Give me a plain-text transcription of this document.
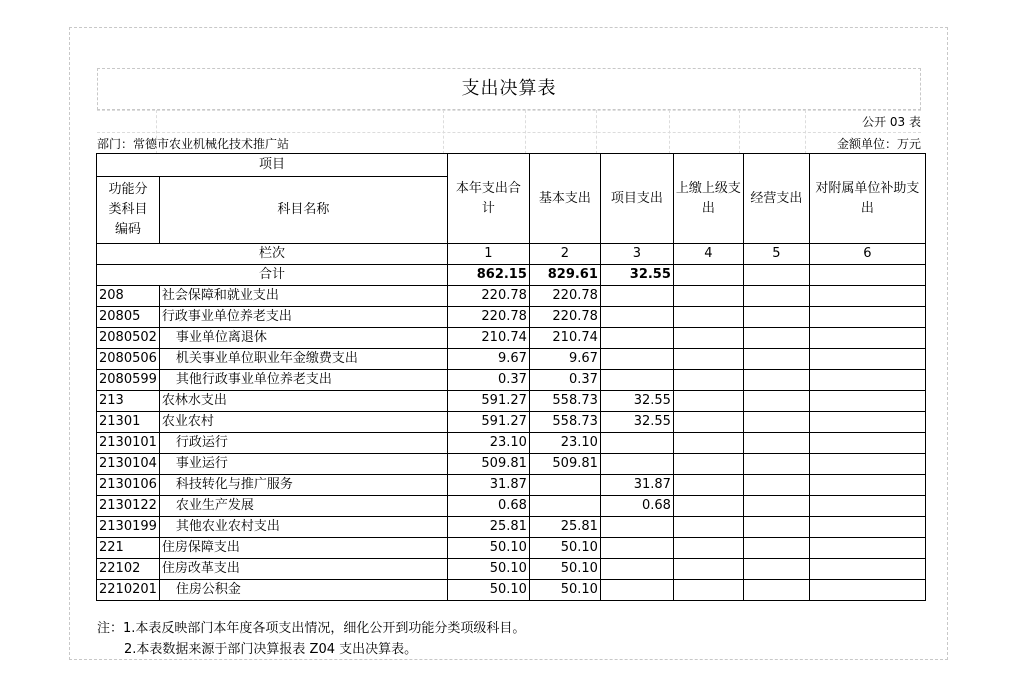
支出决算表
公开 03 表
部门：常德市农业机械化技术推广站	金额单位：万元
项目		本年支出合计	基本支出	项目支出	上缴上级支出	经营支出	对附属单位补助支出
功能分类科目编码	科目名称						
栏次		1	2	3	4	5	6
合计		862.15	829.61	32.55			
208	社会保障和就业支出	220.78	220.78				
20805	行政事业单位养老支出	220.78	220.78				
2080502	事业单位离退休	210.74	210.74				
2080506	机关事业单位职业年金缴费支出	9.67	9.67				
2080599	其他行政事业单位养老支出	0.37	0.37				
213	农林水支出	591.27	558.73	32.55			
21301	农业农村	591.27	558.73	32.55			
2130101	行政运行	23.10	23.10				
2130104	事业运行	509.81	509.81				
2130106	科技转化与推广服务	31.87		31.87			
2130122	农业生产发展	0.68		0.68			
2130199	其他农业农村支出	25.81	25.81				
221	住房保障支出	50.10	50.10				
22102	住房改革支出	50.10	50.10				
2210201	住房公积金	50.10	50.10				
注：1.本表反映部门本年度各项支出情况，细化公开到功能分类项级科目。
2.本表数据来源于部门决算报表 Z04 支出决算表。
